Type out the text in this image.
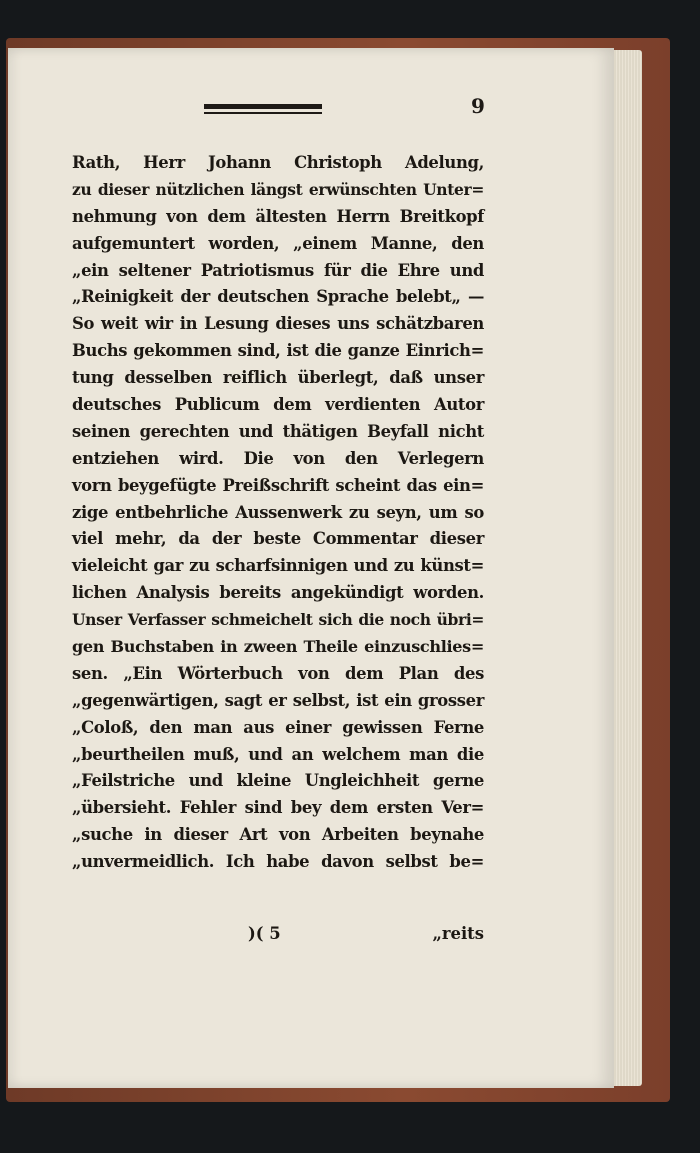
9
Rath, Herr Johann Christoph Adelung,
zu dieser nützlichen längst erwünschten Unter=
nehmung von dem ältesten Herrn Breitkopf
aufgemuntert worden, „einem Manne, den
„ein seltener Patriotismus für die Ehre und
„Reinigkeit der deutschen Sprache belebt„ —
So weit wir in Lesung dieses uns schätzbaren
Buchs gekommen sind, ist die ganze Einrich=
tung desselben reiflich überlegt, daß unser
deutsches Publicum dem verdienten Autor
seinen gerechten und thätigen Beyfall nicht
entziehen wird. Die von den Verlegern
vorn beygefügte Preißschrift scheint das ein=
zige entbehrliche Aussenwerk zu seyn, um so
viel mehr, da der beste Commentar dieser
vieleicht gar zu scharfsinnigen und zu künst=
lichen Analysis bereits angekündigt worden.
Unser Verfasser schmeichelt sich die noch übri=
gen Buchstaben in zween Theile einzuschlies=
sen. „Ein Wörterbuch von dem Plan des
„gegenwärtigen, sagt er selbst, ist ein grosser
„Coloß, den man aus einer gewissen Ferne
„beurtheilen muß, und an welchem man die
„Feilstriche und kleine Ungleichheit gerne
„übersieht. Fehler sind bey dem ersten Ver=
„suche in dieser Art von Arbeiten beynahe
„unvermeidlich. Ich habe davon selbst be=
)( 5	„reits
